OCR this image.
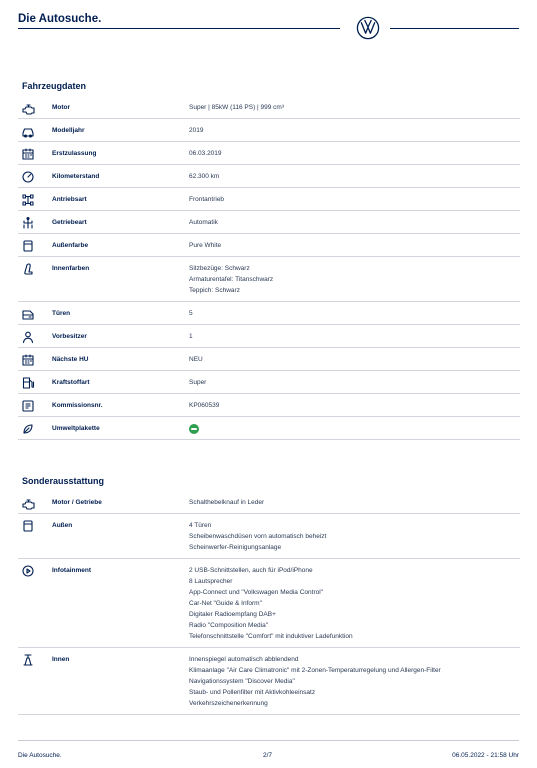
Die Autosuche.
Fahrzeugdaten
Motor	Super | 85kW (116 PS) | 999 cm³
Modelljahr	2019
Erstzulassung	06.03.2019
Kilometerstand	62.300 km
Antriebsart	Frontantrieb
Getriebeart	Automatik
Außenfarbe	Pure White
Innenfarben	Sitzbezüge: Schwarz
Armaturentafel: Titanschwarz
Teppich: Schwarz
Türen	5
Vorbesitzer	1
Nächste HU	NEU
Kraftstoffart	Super
Kommissionsnr.	KP060539
Umweltplakette
Sonderausstattung
Motor / Getriebe	Schalthebelknauf in Leder
Außen	4 Türen
Scheibenwaschdüsen vorn automatisch beheizt
Scheinwerfer-Reinigungsanlage
Infotainment	2 USB-Schnittstellen, auch für iPod/iPhone
8 Lautsprecher
App-Connect und "Volkswagen Media Control"
Car-Net "Guide & Inform"
Digitaler Radioempfang DAB+
Radio "Composition Media"
Telefonschnittstelle "Comfort" mit induktiver Ladefunktion
Innen	Innenspiegel automatisch abblendend
Klimaanlage "Air Care Climatronic" mit 2-Zonen-Temperaturregelung und Allergen-Filter
Navigationssystem "Discover Media"
Staub- und Pollenfilter mit Aktivkohleeinsatz
Verkehrszeichenerkennung
Die Autosuche.	2/7	06.05.2022 - 21:58 Uhr
